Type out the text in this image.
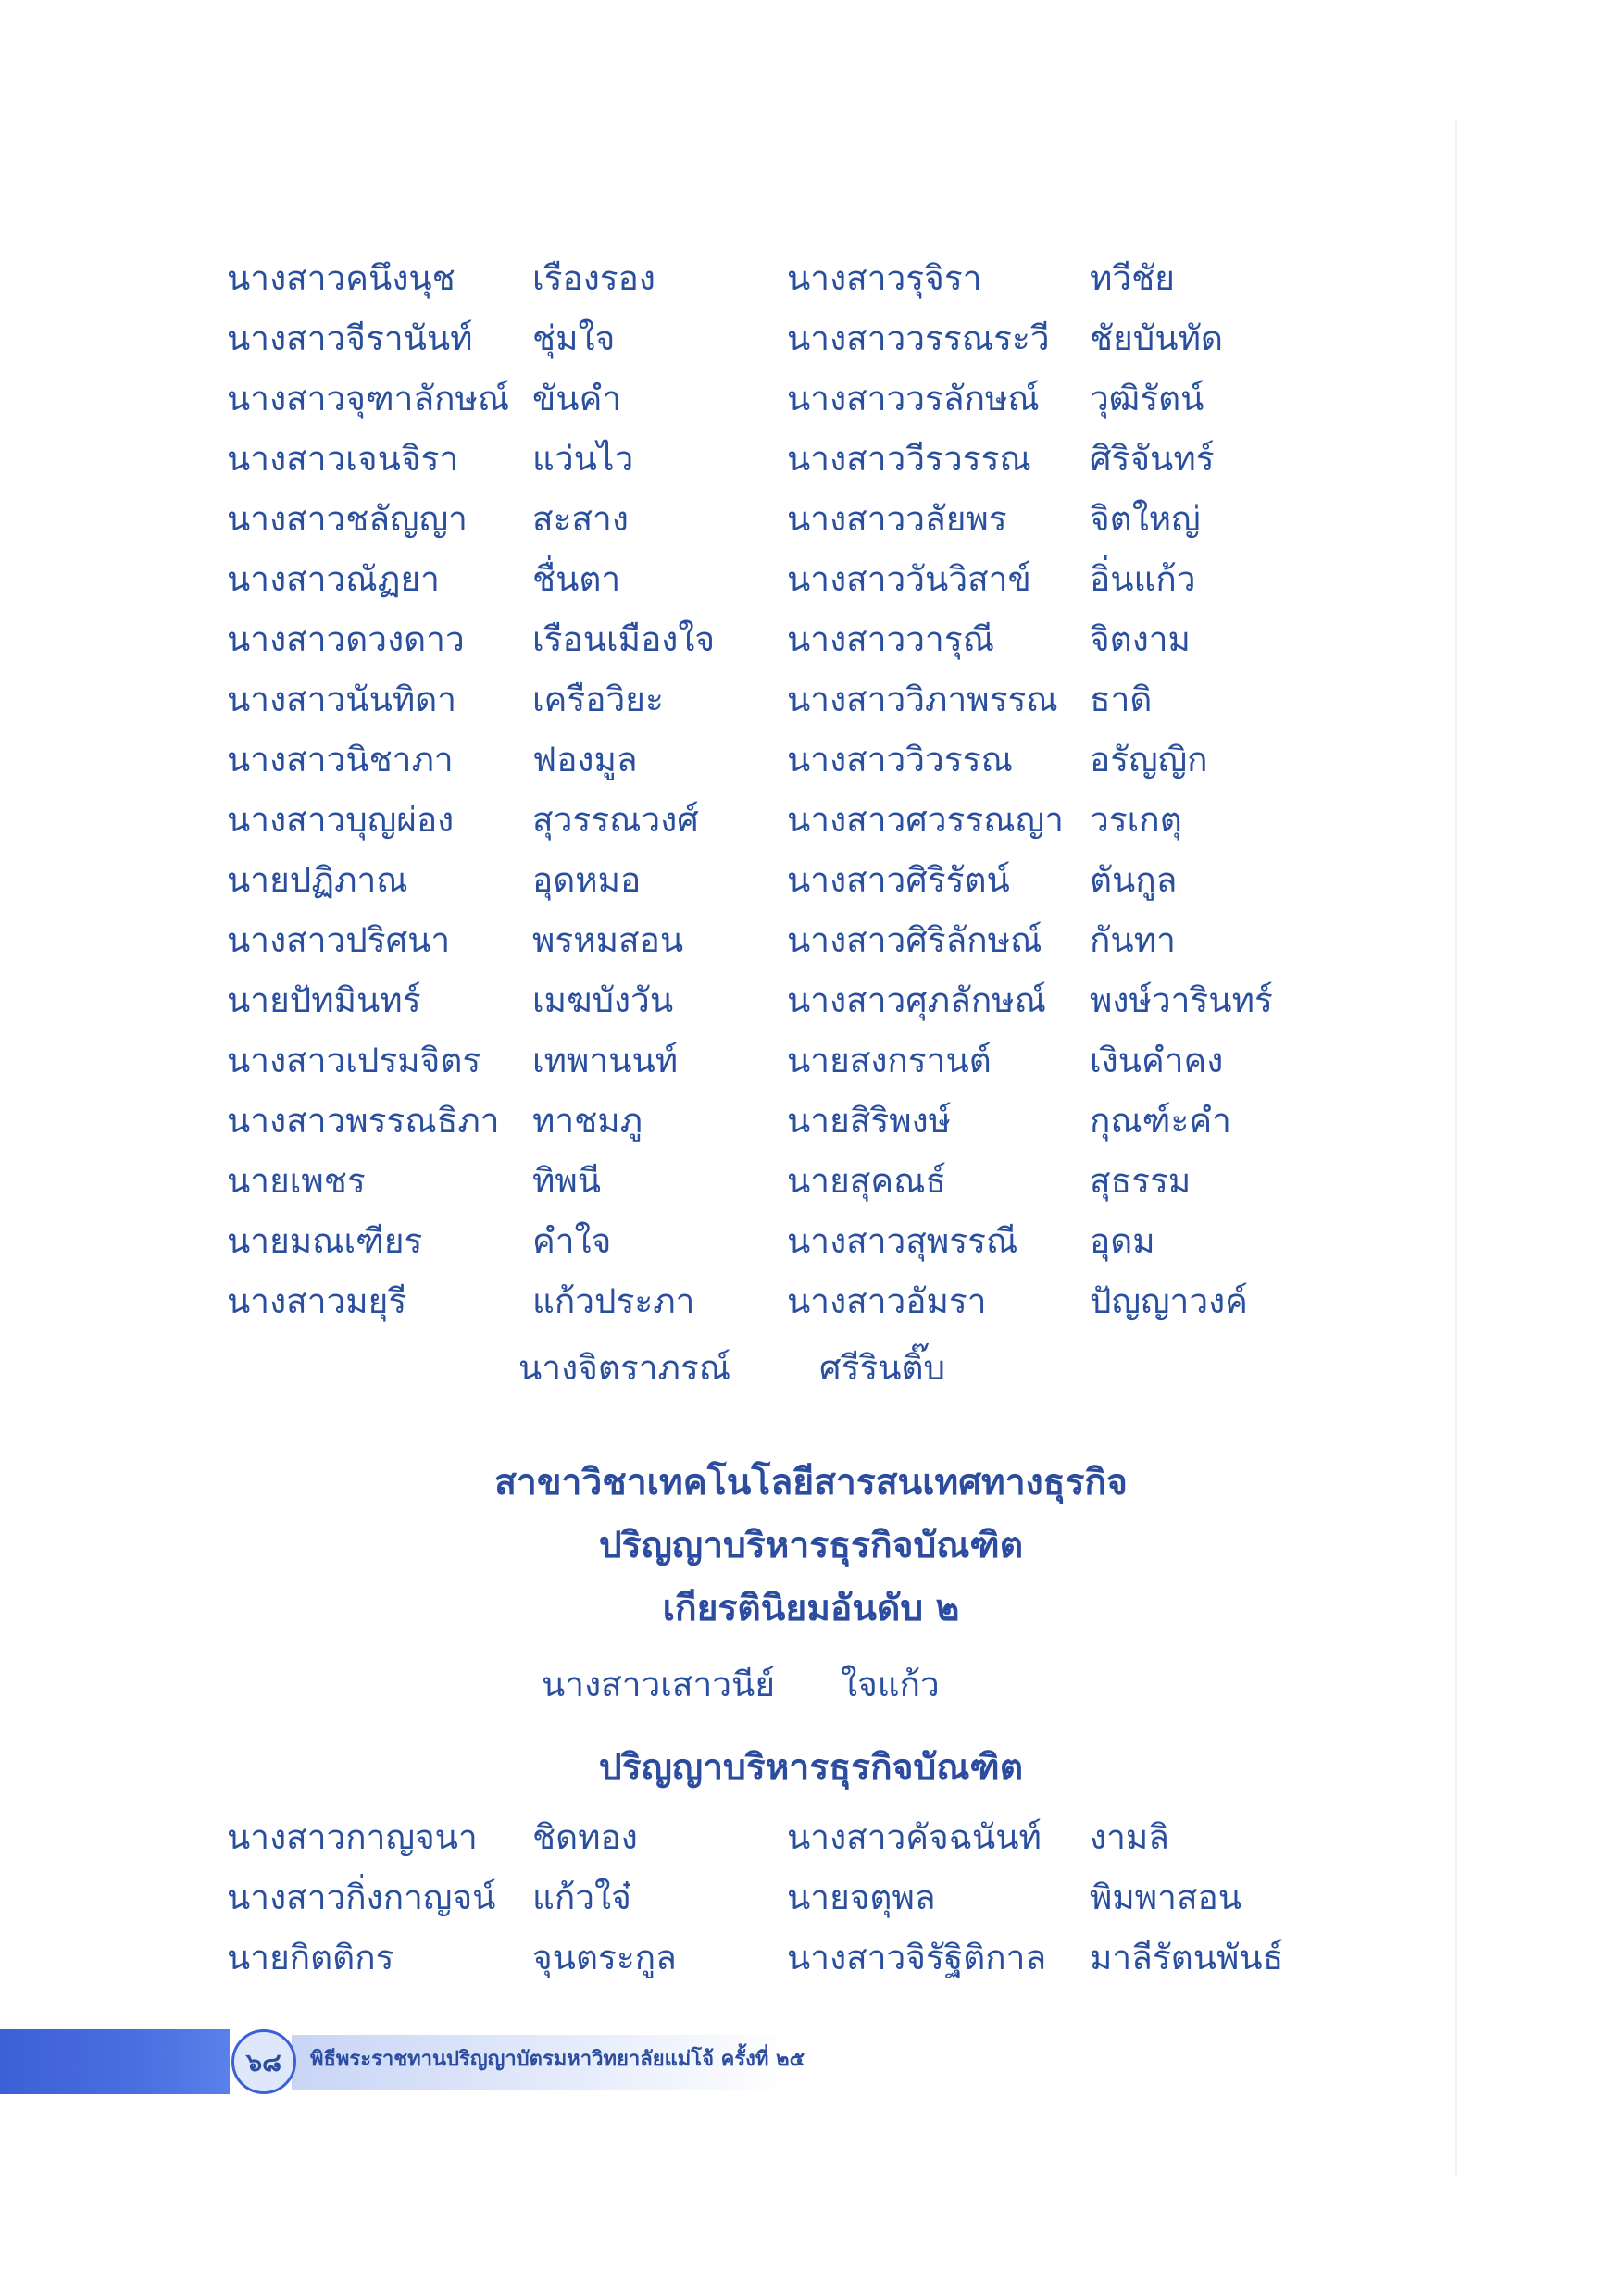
นางสาวคนึงนุช เรืองรอง	นางสาวรุจิรา	ทวีชัย
นางสาวจีรานันท์ ชุ่มใจ	นางสาววรรณระวี ชัยบันทัด
นางสาวจุฑาลักษณ์ ขันคำ	นางสาววรลักษณ์ วุฒิรัตน์
นางสาวเจนจิรา แว่นไว	นางสาววีรวรรณ ศิริจันทร์
นางสาวชลัญญา สะสาง	นางสาววลัยพร จิตใหญ่
นางสาวณัฏยา	ชื่นตา	นางสาววันวิสาข์ อิ่นแก้ว
นางสาวดวงดาว เรือนเมืองใจ นางสาววารุณี	จิตงาม
นางสาวนันทิดา เครือวิยะ	นางสาววิภาพรรณ ธาดิ
นางสาวนิชาภา ฟองมูล	นางสาววิวรรณ อรัญญิก
นางสาวบุญผ่อง สุวรรณวงศ์	นางสาวศวรรณญา วรเกตุ
นายปฏิภาณ	อุดหมอ	นางสาวศิริรัตน์ ตันกูล
นางสาวปริศนา พรหมสอน	นางสาวศิริลักษณ์ กันทา
นายปัทมินทร์	เมฆบังวัน	นางสาวศุภลักษณ์ พงษ์วารินทร์
นางสาวเปรมจิตร เทพานนท์	นายสงกรานต์	เงินคำคง
นางสาวพรรณธิภา ทาชมภู	นายสิริพงษ์	กุณฑ์ะคำ
นายเพชร	ทิพนี	นายสุคณธ์	สุธรรม
นายมณเฑียร	คำใจ	นางสาวสุพรรณี อุดม
นางสาวมยุรี	แก้วประภา	นางสาวอัมรา	ปัญญาวงค์
นางจิตราภรณ์	ศรีรินติ๊บ
สาขาวิชาเทคโนโลยีสารสนเทศทางธุรกิจ
ปริญญาบริหารธุรกิจบัณฑิต
เกียรตินิยมอันดับ ๒
นางสาวเสาวนีย์ ใจแก้ว
ปริญญาบริหารธุรกิจบัณฑิต
นางสาวกาญจนา ชิดทอง	นางสาวคัจฉนันท์ งามลิ
นางสาวกิ่งกาญจน์ แก้วใจ๋	นายจตุพล	พิมพาสอน
นายกิตติกร	จุนตระกูล	นางสาวจิรัฐิติกาล มาลีรัตนพันธ์
๖๘	พิธีพระราชทานปริญญาบัตรมหาวิทยาลัยแม่โจ้ ครั้งที่ ๒๕
